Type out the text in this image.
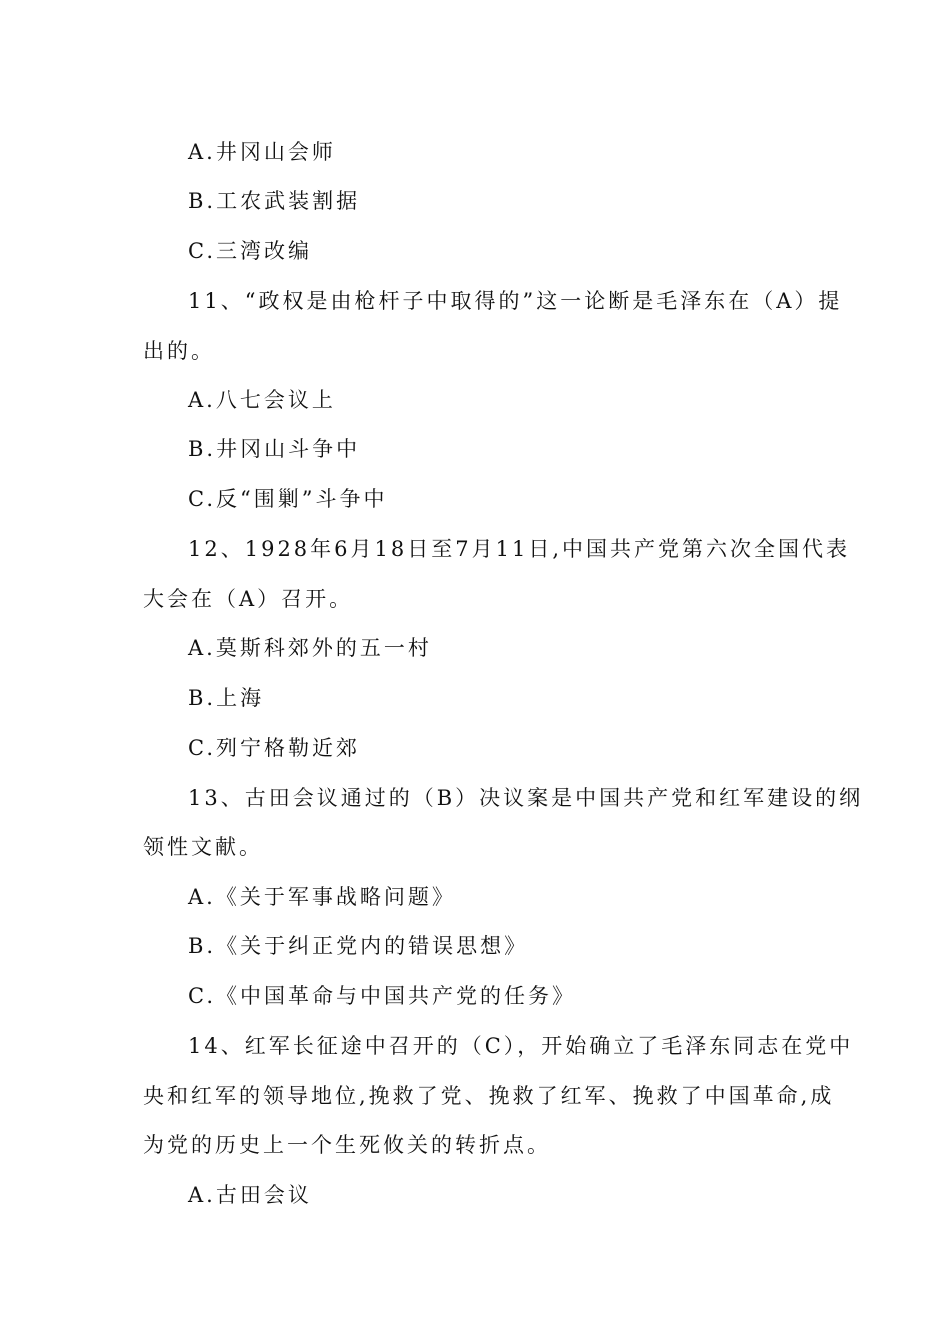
A.井冈山会师
B.工农武装割据
C.三湾改编
11、“政权是由枪杆子中取得的”这一论断是毛泽东在（A）提
出的。
A.八七会议上
B.井冈山斗争中
C.反“围剿”斗争中
12、1928年6月18日至7月11日,中国共产党第六次全国代表
大会在（A）召开。
A.莫斯科郊外的五一村
B.上海
C.列宁格勒近郊
13、古田会议通过的（B）决议案是中国共产党和红军建设的纲
领性文献。
A.《关于军事战略问题》
B.《关于纠正党内的错误思想》
C.《中国革命与中国共产党的任务》
14、红军长征途中召开的（C），开始确立了毛泽东同志在党中
央和红军的领导地位,挽救了党、挽救了红军、挽救了中国革命,成
为党的历史上一个生死攸关的转折点。
A.古田会议
